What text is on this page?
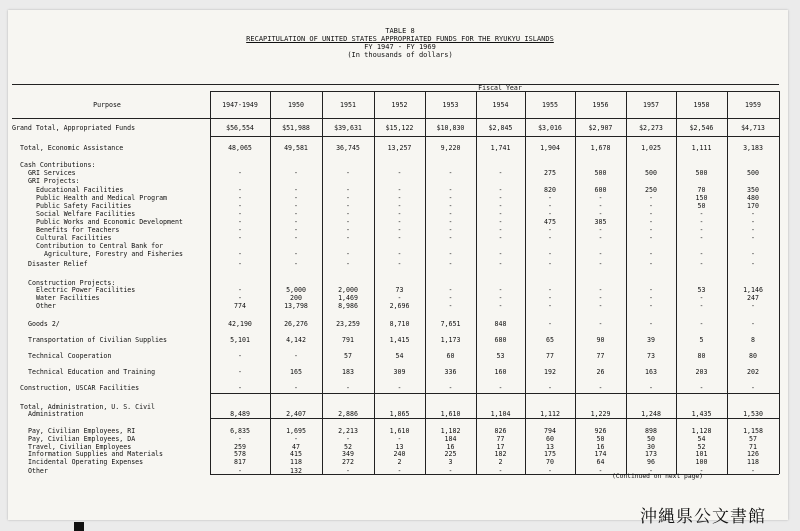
TABLE 8
RECAPITULATION OF UNITED STATES APPROPRIATED FUNDS FOR THE RYUKYU ISLANDS
FY 1947 - FY 1969
(In thousands of dollars)
Fiscal Year
Purpose	1947-1949	1950	1951	1952	1953	1954	1955	1956	1957	1958	1959
Grand Total, Appropriated Funds	$56,554	$51,988	$39,631	$15,122	$10,830	$2,845	$3,016	$2,907	$2,273	$2,546	$4,713
Total, Economic Assistance	48,065	49,581	36,745	13,257	9,220	1,741	1,904	1,678	1,025	1,111	3,183
Cash Contributions:
GRI Services	-	-	-	-	-	-	275	500	500	500	500
GRI Projects:
Educational Facilities	-	-	-	-	-	-	820	600	250	70	350
Public Health and Medical Program	-	-	-	-	-	-	-	-	-	150	480
Public Safety Facilities	-	-	-	-	-	-	-	-	-	50	170
Social Welfare Facilities	-	-	-	-	-	-	-	-	-	-	-
Public Works and Economic Development	-	-	-	-	-	-	475	385	-	-	-
Benefits for Teachers	-	-	-	-	-	-	-	-	-	-	-
Cultural Facilities	-	-	-	-	-	-	-	-	-	-	-
Contribution to Central Bank for
Agriculture, Forestry and Fisheries	-	-	-	-	-	-	-	-	-	-	-
Disaster Relief	-	-	-	-	-	-	-	-	-	-	-
Construction Projects:
Electric Power Facilities	-	5,000	2,000	73	-	-	-	-	-	53	1,146
Water Facilities	-	200	1,469	-	-	-	-	-	-	-	247
Other	774	13,798	8,986	2,696	-	-	-	-	-	-	-
Goods 2/	42,190	26,276	23,259	8,710	7,651	848	-	-	-	-	-
Transportation of Civilian Supplies	5,101	4,142	791	1,415	1,173	680	65	90	39	5	8
Technical Cooperation	-	-	57	54	60	53	77	77	73	80	80
Technical Education and Training	-	165	183	309	336	160	192	26	163	203	202
Construction, USCAR Facilities	-	-	-	-	-	-	-	-	-	-	-
Total, Administration, U. S. Civil
Administration	8,489	2,407	2,886	1,865	1,610	1,104	1,112	1,229	1,248	1,435	1,530
Pay, Civilian Employees, RI	6,835	1,695	2,213	1,610	1,182	826	794	926	898	1,128	1,158
Pay, Civilian Employees, DA	-	-	-	-	184	77	60	50	50	54	57
Travel, Civilian Employees	259	47	52	13	16	17	13	16	30	52	71
Information Supplies and Materials	578	415	349	240	225	182	175	174	173	101	126
Incidental Operating Expenses	817	118	272	2	3	2	70	64	96	100	118
Other	-	132	-	-	-	-	-	-	-	-	-
(Continued on next page)
沖縄県公文書館
